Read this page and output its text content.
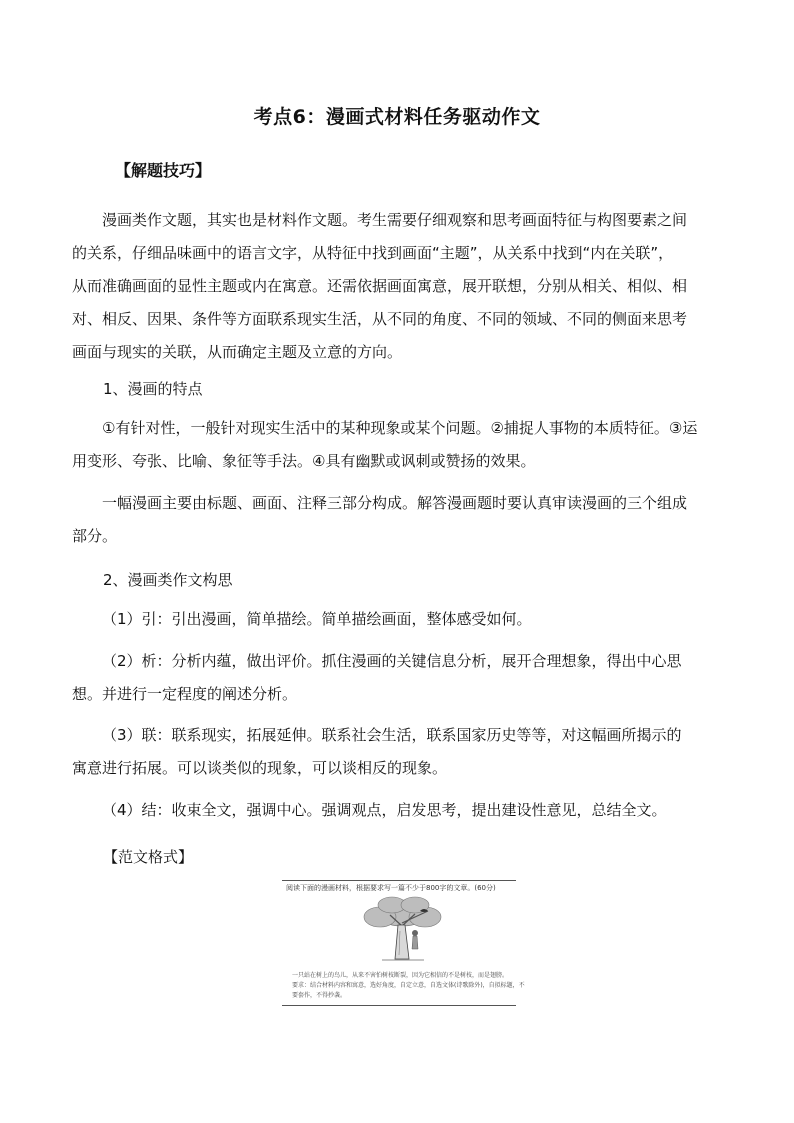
考点6：漫画式材料任务驱动作文
【解题技巧】
漫画类作文题，其实也是材料作文题。考生需要仔细观察和思考画面特征与构图要素之间
的关系，仔细品味画中的语言文字，从特征中找到画面“主题”，从关系中找到“内在关联”，
从而准确画面的显性主题或内在寓意。还需依据画面寓意，展开联想，分别从相关、相似、相
对、相反、因果、条件等方面联系现实生活，从不同的角度、不同的领域、不同的侧面来思考
画面与现实的关联，从而确定主题及立意的方向。
1、漫画的特点
①有针对性，一般针对现实生活中的某种现象或某个问题。②捕捉人事物的本质特征。③运
用变形、夸张、比喻、象征等手法。④具有幽默或讽刺或赞扬的效果。
一幅漫画主要由标题、画面、注释三部分构成。解答漫画题时要认真审读漫画的三个组成
部分。
2、漫画类作文构思
（1）引：引出漫画，简单描绘。简单描绘画面，整体感受如何。
（2）析：分析内蕴，做出评价。抓住漫画的关键信息分析，展开合理想象，得出中心思
想。并进行一定程度的阐述分析。
（3）联：联系现实，拓展延伸。联系社会生活，联系国家历史等等，对这幅画所揭示的
寓意进行拓展。可以谈类似的现象，可以谈相反的现象。
（4）结：收束全文，强调中心。强调观点，启发思考，提出建设性意见，总结全文。
【范文格式】
阅读下面的漫画材料，根据要求写一篇不少于800字的文章。(60分)
一只站在树上的鸟儿，从来不害怕树枝断裂，因为它相信的不是树枝，而是翅膀。
要求：结合材料内容和寓意，选好角度，自定立意，自选文体(诗歌除外)，自拟标题，不
要套作，不得抄袭。
